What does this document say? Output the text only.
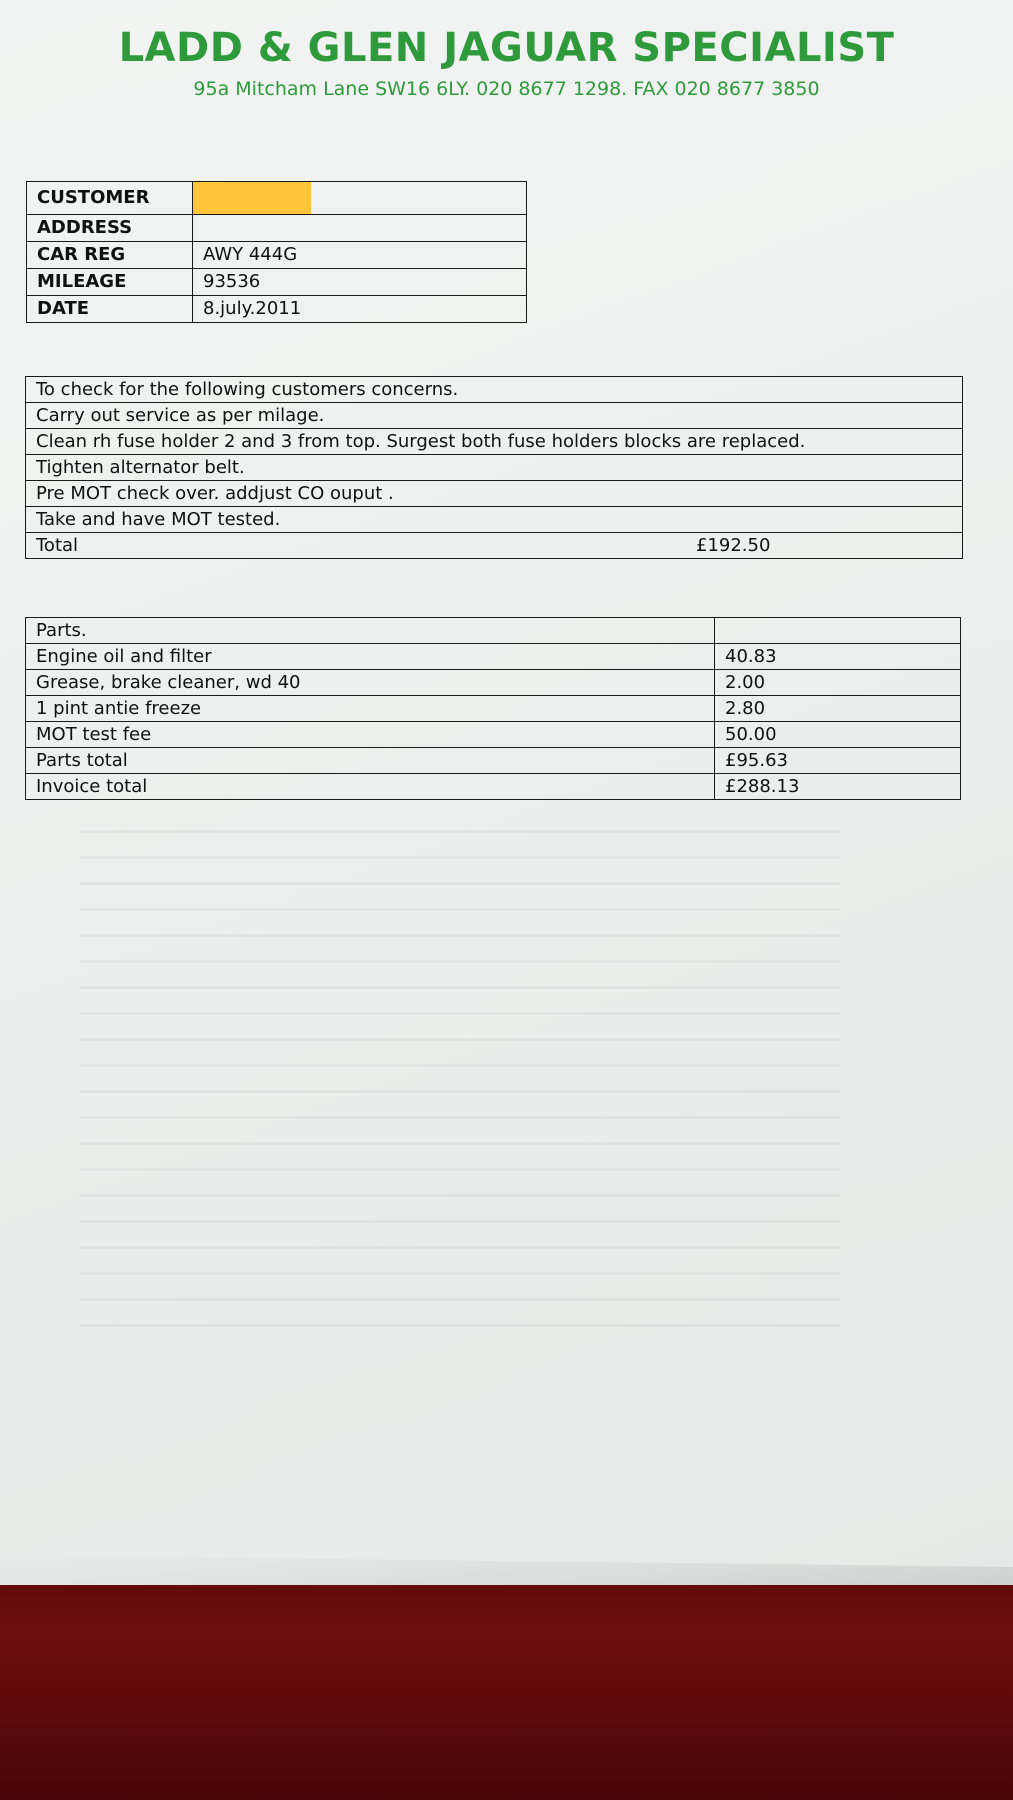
LADD & GLEN JAGUAR SPECIALIST
95a Mitcham Lane SW16 6LY. 020 8677 1298. FAX 020 8677 3850
CUSTOMER	
ADDRESS	
CAR REG	AWY 444G
MILEAGE	93536
DATE	8.july.2011
To check for the following customers concerns.
Carry out service as per milage.
Clean rh fuse holder 2 and 3 from top. Surgest both fuse holders blocks are replaced.
Tighten alternator belt.
Pre MOT check over. addjust CO ouput .
Take and have MOT tested.
Total	£192.50
Parts.	
Engine oil and filter	40.83
Grease, brake cleaner, wd 40	2.00
1 pint antie freeze	2.80
MOT test fee	50.00
Parts total	£95.63
Invoice total	£288.13
